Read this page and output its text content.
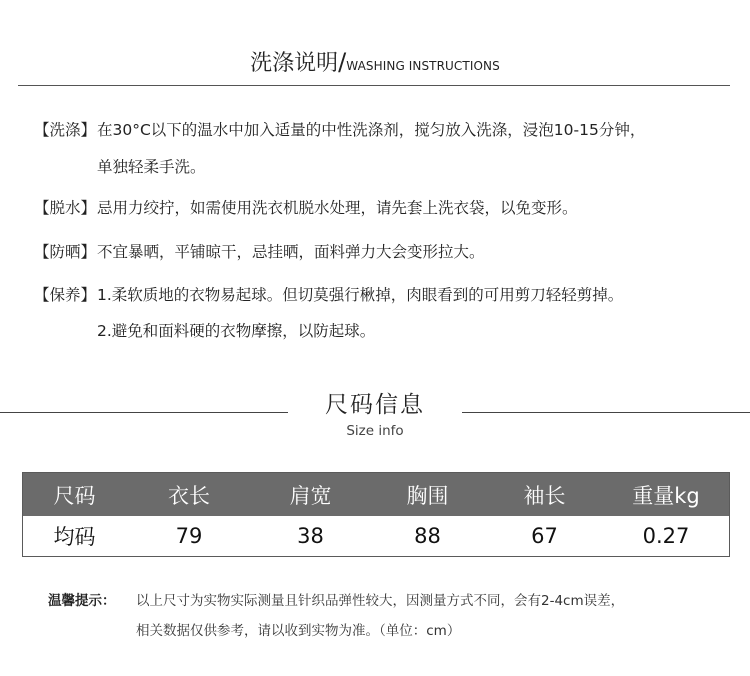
洗涤说明/WASHING INSTRUCTIONS
【洗涤】在30°C以下的温水中加入适量的中性洗涤剂，搅匀放入洗涤，浸泡10-15分钟，
单独轻柔手洗。
【脱水】忌用力绞拧，如需使用洗衣机脱水处理，请先套上洗衣袋，以免变形。
【防晒】不宜暴晒，平铺晾干，忌挂晒，面料弹力大会变形拉大。
【保养】1.柔软质地的衣物易起球。但切莫强行楸掉，肉眼看到的可用剪刀轻轻剪掉。
2.避免和面料硬的衣物摩擦，以防起球。
尺码信息
Size info
尺码	衣长	肩宽	胸围	袖长	重量kg
均码	79	38	88	67	0.27
温馨提示： 以上尺寸为实物实际测量且针织品弹性较大，因测量方式不同，会有2-4cm误差，
相关数据仅供参考，请以收到实物为准。（单位：cm）
